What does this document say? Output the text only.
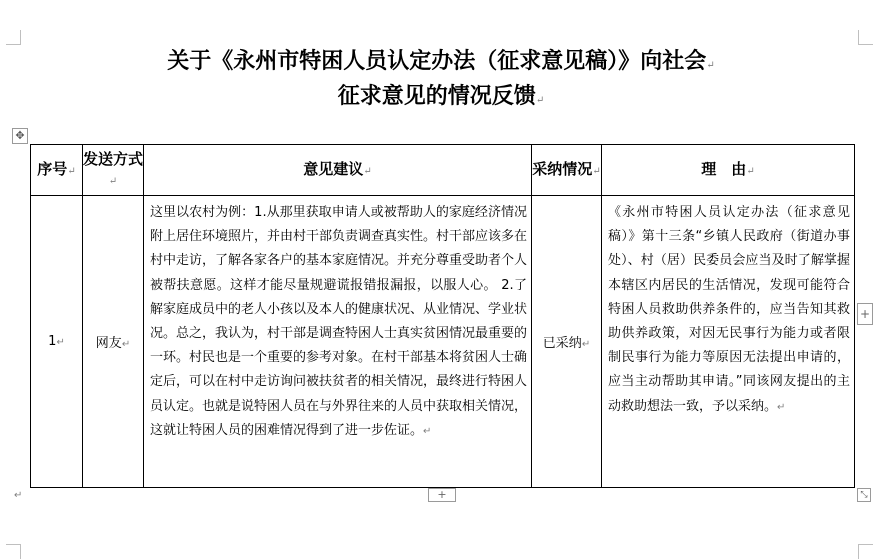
关于《永州市特困人员认定办法（征求意见稿）》向社会↵
征求意见的情况反馈↵
✥
序号↵	发送方式↵	意见建议↵	采纳情况↵	理　由↵
1↵	网友↵	这里以农村为例：1.从那里获取申请人或被帮助人的家庭经济情况附上居住环境照片，并由村干部负责调查真实性。村干部应该多在村中走访，了解各家各户的基本家庭情况。并充分尊重受助者个人被帮扶意愿。这样才能尽量规避谎报错报漏报，以服人心。 2.了解家庭成员中的老人小孩以及本人的健康状况、从业情况、学业状况。总之，我认为，村干部是调查特困人士真实贫困情况最重要的一环。村民也是一个重要的参考对象。在村干部基本将贫困人士确定后，可以在村中走访询问被扶贫者的相关情况，最终进行特困人员认定。也就是说特困人员在与外界往来的人员中获取相关情况，这就让特困人员的困难情况得到了进一步佐证。↵	已采纳↵	《永州市特困人员认定办法（征求意见稿）》第十三条“乡镇人民政府（街道办事处）、村（居）民委员会应当及时了解掌握本辖区内居民的生活情况，发现可能符合特困人员救助供养条件的，应当告知其救助供养政策，对因无民事行为能力或者限制民事行为能力等原因无法提出申请的，应当主动帮助其申请。”同该网友提出的主动救助想法一致，予以采纳。↵
+
+	⤡
↵
